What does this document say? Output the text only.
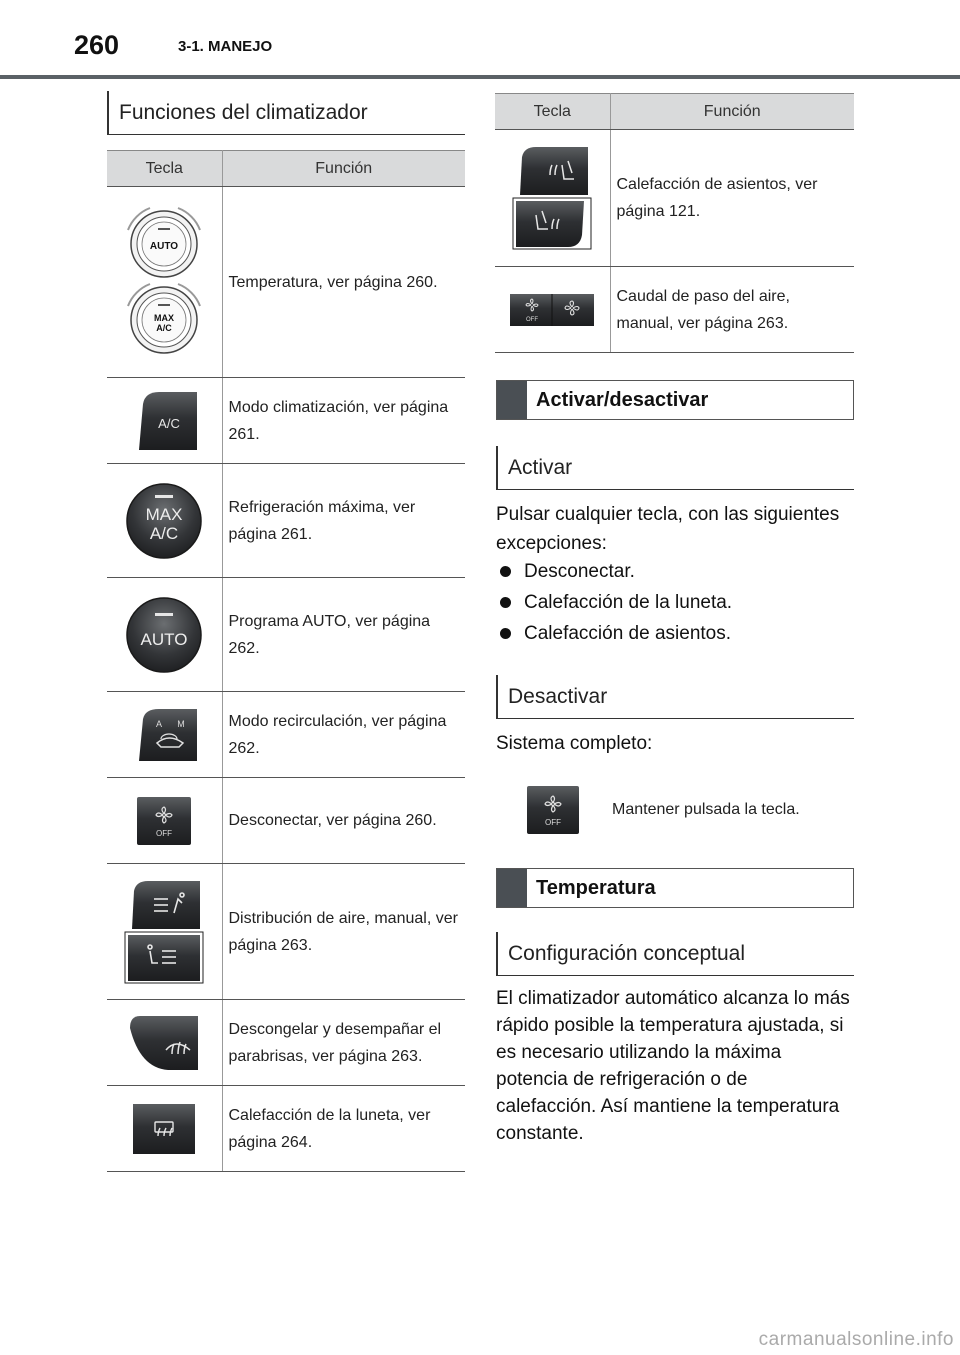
260	3-1. MANEJO
Funciones del climatizador
Tecla	Función

AUTO
MAX
A/C	Temperatura, ver página 260.

A/C	Modo climatización, ver página 261.

MAX
A/C	Refrigeración máxima, ver página 261.

AUTO	Programa AUTO, ver página 262.

A M	Modo recirculación, ver página 262.

OFF	Desconectar, ver página 260.
	Distribución de aire, manual, ver página 263.
	Descongelar y desempañar el parabrisas, ver página 263.
	Calefacción de la luneta, ver página 264.
Tecla	Función
	Calefacción de asientos, ver página 121.

OFF	Caudal de paso del aire, manual, ver página 263.
Activar/desactivar
Activar
Pulsar cualquier tecla, con las siguientes excepciones:
Desconectar.
Calefacción de la luneta.
Calefacción de asientos.
Desactivar
Sistema completo:
OFF
Mantener pulsada la tecla.
Temperatura
Configuración conceptual
El climatizador automático alcanza lo más rápido posible la temperatura ajustada, si es necesario utilizando la máxima potencia de refrigeración o de calefacción. Así mantiene la temperatura constante.
carmanualsonline.info
